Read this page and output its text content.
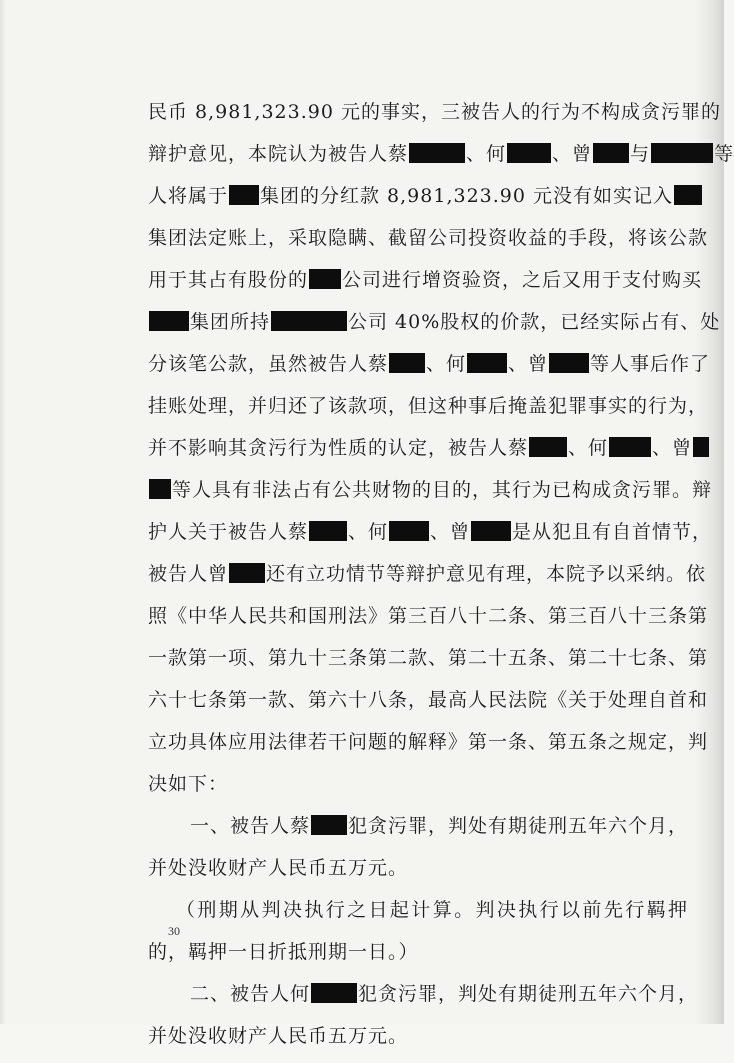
民币 8,981,323.90 元的事实，三被告人的行为不构成贪污罪的
辩护意见，本院认为被告人蔡	、何 、曾 与	等
人将属于 集团的分红款 8,981,323.90 元没有如实记入
集团法定账上，采取隐瞒、截留公司投资收益的手段，将该公款
用于其占有股份的 公司进行增资验资，之后又用于支付购买
集团所持	公司 40%股权的价款，已经实际占有、处
分该笔公款，虽然被告人蔡 、何 、曾 等人事后作了
挂账处理，并归还了该款项，但这种事后掩盖犯罪事实的行为，
并不影响其贪污行为性质的认定，被告人蔡 、何 、曾
等人具有非法占有公共财物的目的，其行为已构成贪污罪。辩
护人关于被告人蔡 、何 、曾 是从犯且有自首情节，
被告人曾 还有立功情节等辩护意见有理，本院予以采纳。依
照《中华人民共和国刑法》第三百八十二条、第三百八十三条第
一款第一项、第九十三条第二款、第二十五条、第二十七条、第
六十七条第一款、第六十八条，最高人民法院《关于处理自首和
立功具体应用法律若干问题的解释》第一条、第五条之规定，判
决如下：
一、被告人蔡 犯贪污罪，判处有期徒刑五年六个月，
并处没收财产人民币五万元。
（刑期从判决执行之日起计算。判决执行以前先行羁押
的，羁押一日折抵刑期一日。）
二、被告人何	犯贪污罪，判处有期徒刑五年六个月，
并处没收财产人民币五万元。
30
